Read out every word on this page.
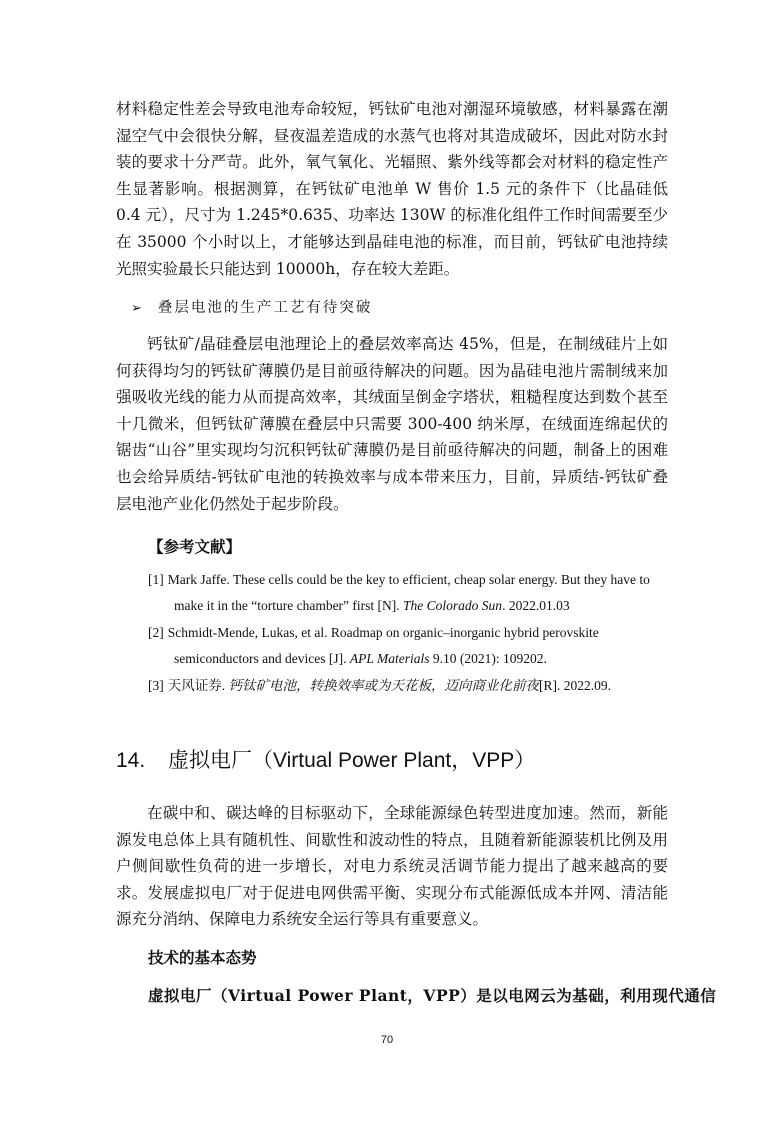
材料稳定性差会导致电池寿命较短，钙钛矿电池对潮湿环境敏感，材料暴露在潮湿空气中会很快分解，昼夜温差造成的水蒸气也将对其造成破坏，因此对防水封装的要求十分严苛。此外，氧气氧化、光辐照、紫外线等都会对材料的稳定性产生显著影响。根据测算，在钙钛矿电池单 W 售价 1.5 元的条件下（比晶硅低 0.4 元），尺寸为 1.245*0.635、功率达 130W 的标准化组件工作时间需要至少在 35000 个小时以上，才能够达到晶硅电池的标准，而目前，钙钛矿电池持续光照实验最长只能达到 10000h，存在较大差距。

➢ 叠层电池的生产工艺有待突破

钙钛矿/晶硅叠层电池理论上的叠层效率高达 45%，但是，在制绒硅片上如何获得均匀的钙钛矿薄膜仍是目前亟待解决的问题。因为晶硅电池片需制绒来加强吸收光线的能力从而提高效率，其绒面呈倒金字塔状，粗糙程度达到数个甚至十几微米，但钙钛矿薄膜在叠层中只需要 300-400 纳米厚，在绒面连绵起伏的锯齿“山谷”里实现均匀沉积钙钛矿薄膜仍是目前亟待解决的问题，制备上的困难也会给异质结-钙钛矿电池的转换效率与成本带来压力，目前，异质结-钙钛矿叠层电池产业化仍然处于起步阶段。

【参考文献】

[1] Mark Jaffe. These cells could be the key to efficient, cheap solar energy. But they have to make it in the “torture chamber” first [N]. The Colorado Sun. 2022.01.03

[2] Schmidt-Mende, Lukas, et al. Roadmap on organic–inorganic hybrid perovskite semiconductors and devices [J]. APL Materials 9.10 (2021): 109202.

[3] 天风证券. 钙钛矿电池，转换效率或为天花板，迈向商业化前夜[R]. 2022.09.

14. 虚拟电厂（Virtual Power Plant，VPP）

在碳中和、碳达峰的目标驱动下，全球能源绿色转型进度加速。然而，新能源发电总体上具有随机性、间歇性和波动性的特点，且随着新能源装机比例及用户侧间歇性负荷的进一步增长，对电力系统灵活调节能力提出了越来越高的要求。发展虚拟电厂对于促进电网供需平衡、实现分布式能源低成本并网、清洁能源充分消纳、保障电力系统安全运行等具有重要意义。

技术的基本态势
虚拟电厂（Virtual Power Plant，VPP）是以电网云为基础，利用现代通信
70
